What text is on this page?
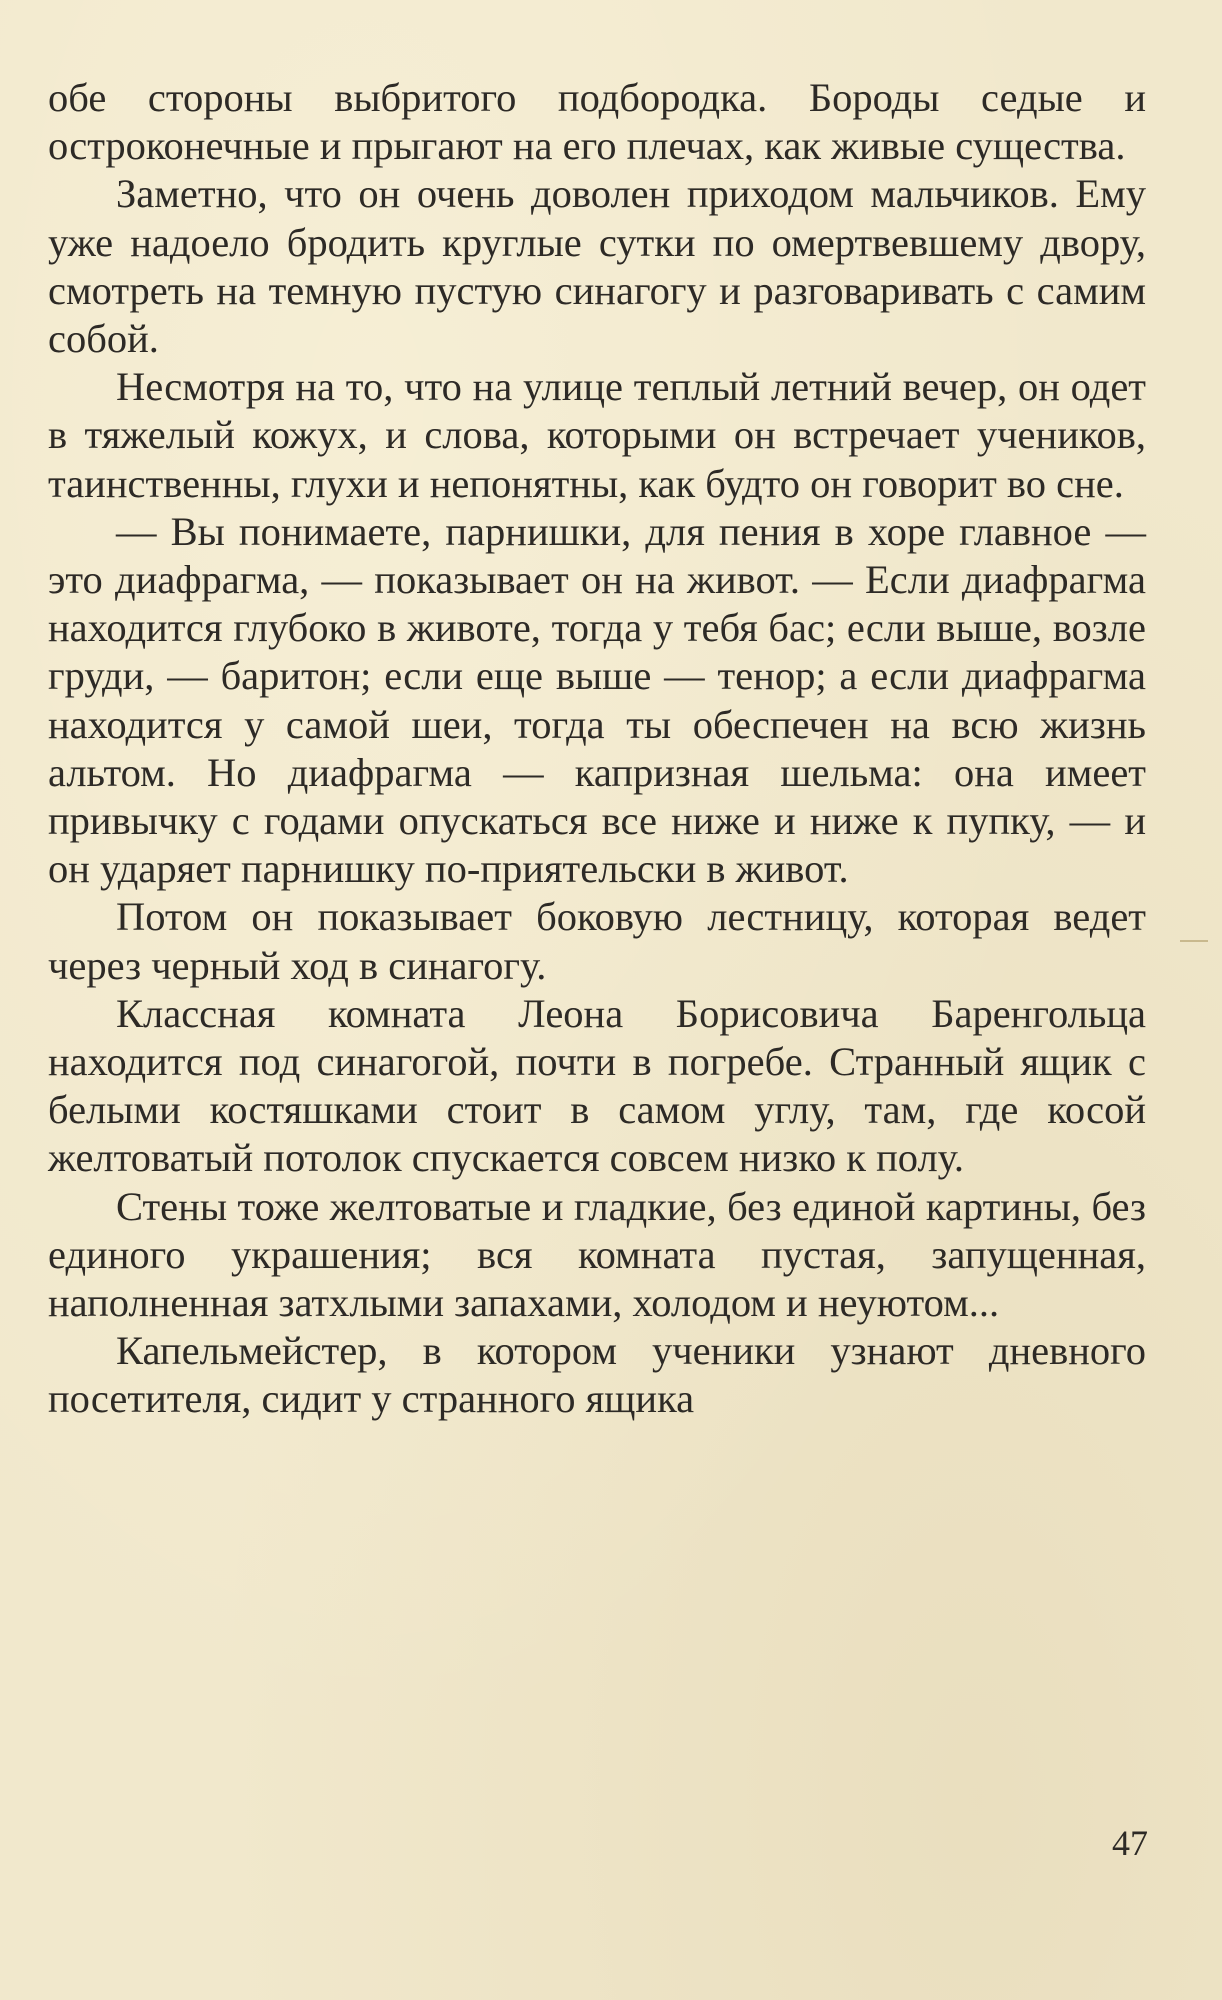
обе стороны выбритого подбородка. Бороды седые и остроконечные и прыгают на его плечах, как живые существа.

Заметно, что он очень доволен приходом мальчиков. Ему уже надоело бродить круглые сутки по омертвевшему двору, смотреть на темную пустую синагогу и разговаривать с самим собой.

Несмотря на то, что на улице теплый летний вечер, он одет в тяжелый кожух, и слова, которыми он встречает учеников, таинственны, глухи и непонятны, как будто он говорит во сне.

— Вы понимаете, парнишки, для пения в хоре главное — это диафрагма, — показывает он на живот. — Если диафрагма находится глубоко в животе, тогда у тебя бас; если выше, возле груди, — баритон; если еще выше — тенор; а если диафрагма находится у самой шеи, тогда ты обеспечен на всю жизнь альтом. Но диафрагма — капризная шельма: она имеет привычку с годами опускаться все ниже и ниже к пупку, — и он ударяет парнишку по-приятельски в живот.

Потом он показывает боковую лестницу, которая ведет через черный ход в синагогу.

Классная комната Леона Борисовича Баренгольца находится под синагогой, почти в погребе. Странный ящик с белыми костяшками стоит в самом углу, там, где косой желтоватый потолок спускается совсем низко к полу.

Стены тоже желтоватые и гладкие, без единой картины, без единого украшения; вся комната пустая, запущенная, наполненная затхлыми запахами, холодом и неуютом...

Капельмейстер, в котором ученики узнают дневного посетителя, сидит у странного ящика

47
